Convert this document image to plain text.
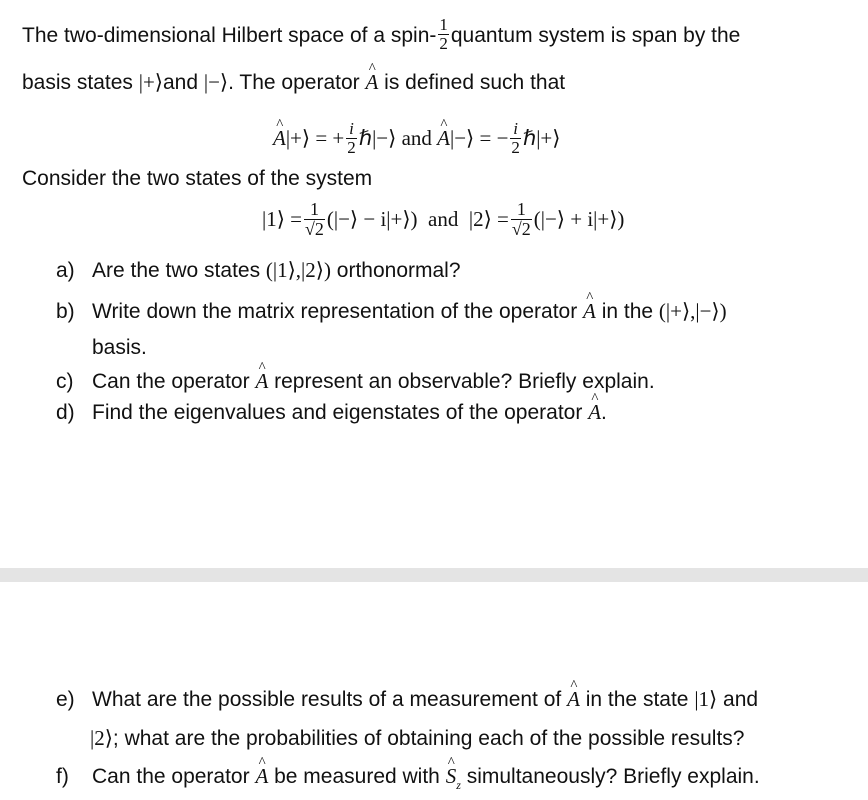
The two-dimensional Hilbert space of a spin- $\frac{1}{2}$ quantum system is span by the
basis states |+⟩and |−⟩. The operator A ^ is defined such that
A ^|+⟩ = + $\frac{i}{2}$ ℏ|−⟩ and A ^|−⟩ = − $\frac{i}{2}$ ℏ|+⟩
Consider the two states of the system
|1⟩ = $\frac{1}{√2}$ (|−⟩ − i|+⟩) and |2⟩ = $\frac{1}{√2}$ (|−⟩ + i|+⟩)
a) Are the two states (|1⟩,|2⟩) orthonormal?
b) Write down the matrix representation of the operator A ^ in the (|+⟩,|−⟩)
basis.
c) Can the operator A ^ represent an observable? Briefly explain.
d) Find the eigenvalues and eigenstates of the operator A ^.
e) What are the possible results of a measurement of A ^ in the state |1⟩ and
|2⟩; what are the probabilities of obtaining each of the possible results?
f) Can the operator A ^ be measured with S $\^{}_z$ simultaneously? Briefly explain.
